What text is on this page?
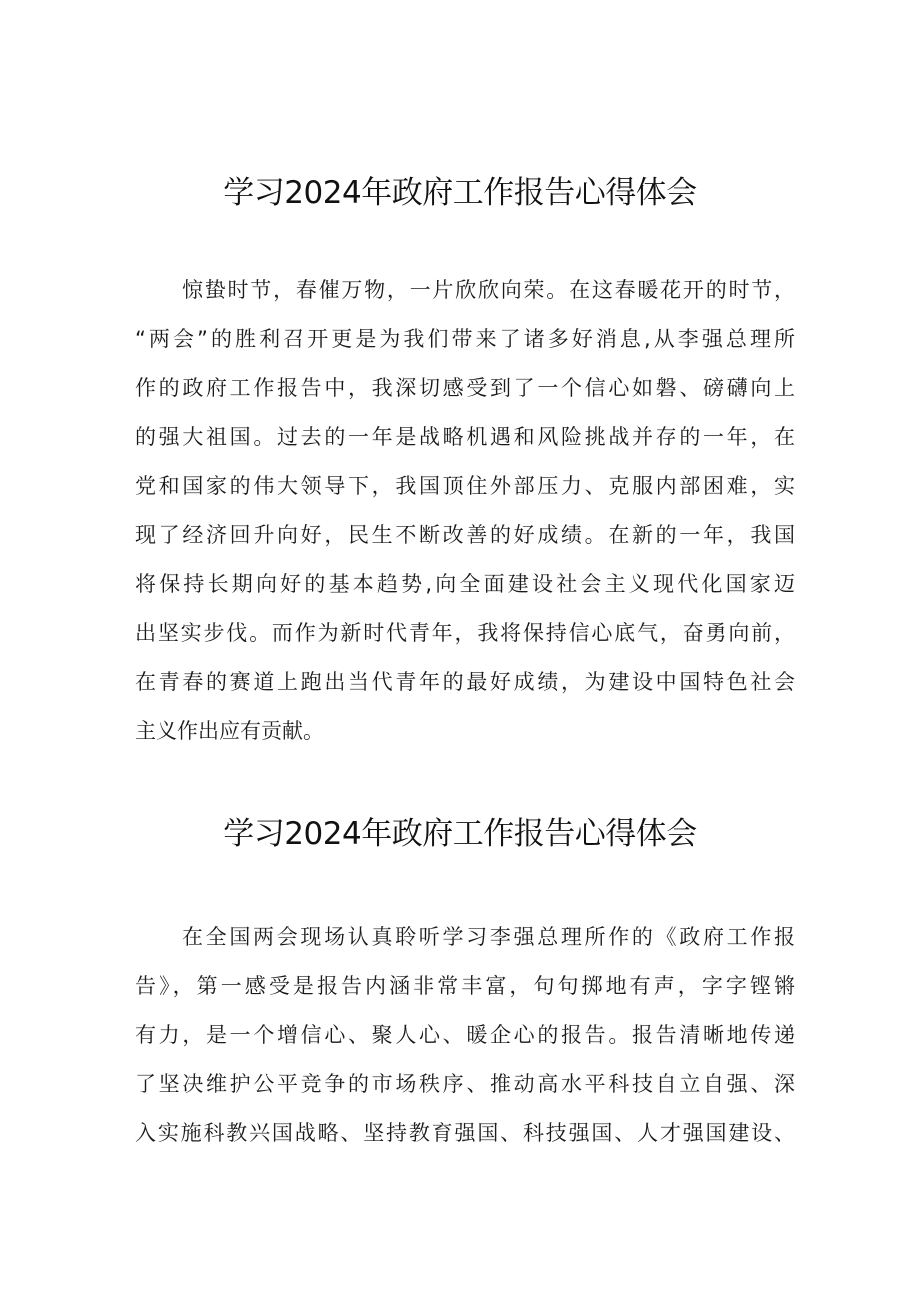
学习2024年政府工作报告心得体会
惊蛰时节，春催万物，一片欣欣向荣。在这春暖花开的时节，
“两会”的胜利召开更是为我们带来了诸多好消息,从李强总理所
作的政府工作报告中，我深切感受到了一个信心如磐、磅礴向上
的强大祖国。过去的一年是战略机遇和风险挑战并存的一年，在
党和国家的伟大领导下，我国顶住外部压力、克服内部困难，实
现了经济回升向好，民生不断改善的好成绩。在新的一年，我国
将保持长期向好的基本趋势,向全面建设社会主义现代化国家迈
出坚实步伐。而作为新时代青年，我将保持信心底气，奋勇向前，
在青春的赛道上跑出当代青年的最好成绩，为建设中国特色社会
主义作出应有贡献。
学习2024年政府工作报告心得体会
在全国两会现场认真聆听学习李强总理所作的《政府工作报
告》，第一感受是报告内涵非常丰富，句句掷地有声，字字铿锵
有力，是一个增信心、聚人心、暖企心的报告。报告清晰地传递
了坚决维护公平竞争的市场秩序、推动高水平科技自立自强、深
入实施科教兴国战略、坚持教育强国、科技强国、人才强国建设、
